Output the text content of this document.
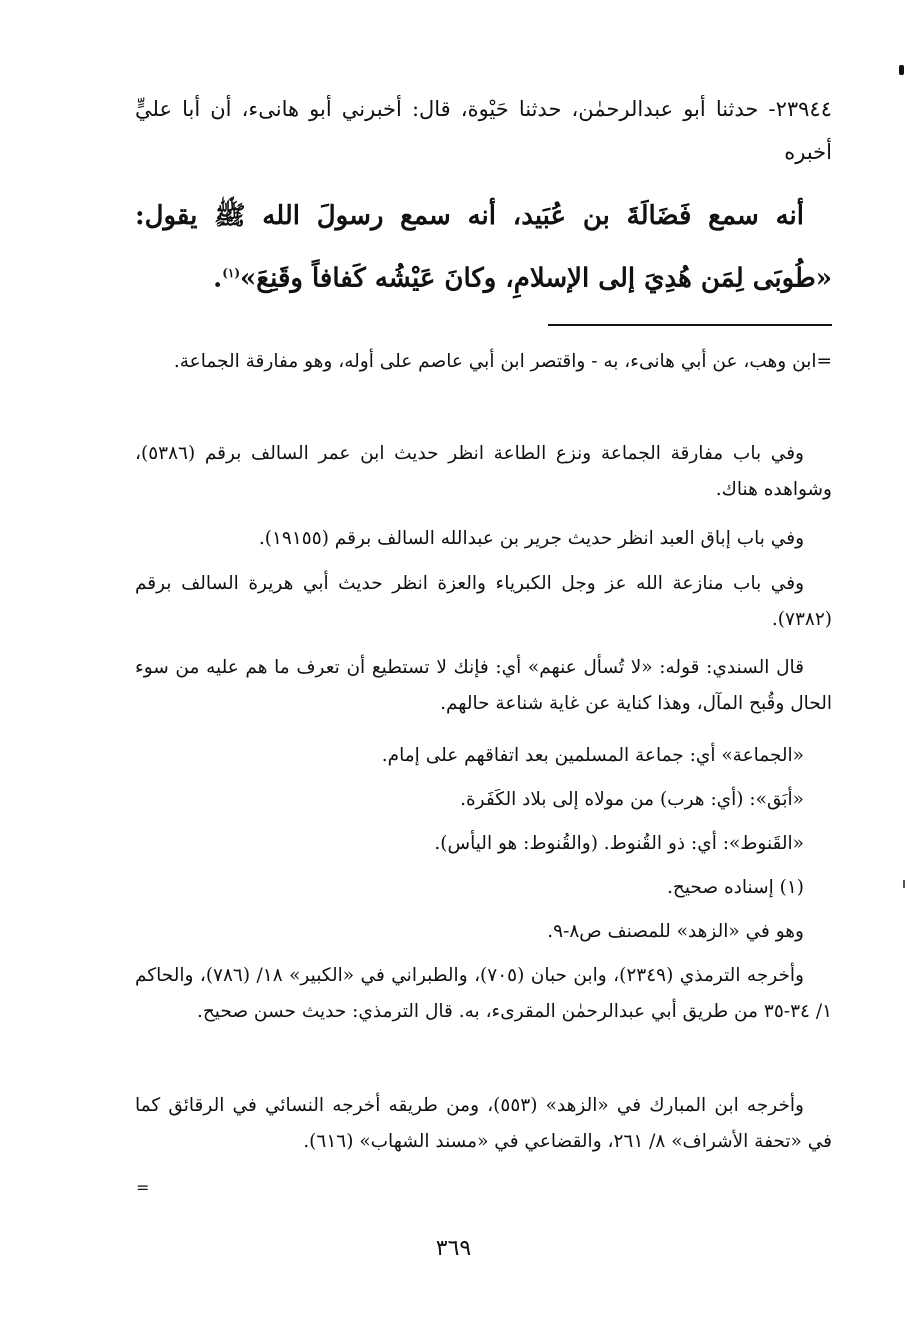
٢٣٩٤٤- حدثنا أبو عبدالرحمٰن، حدثنا حَيْوة، قال: أخبرني أبو هانىء، أن أبا عليٍّ أخبره

أنه سمع فَضَالَةَ بن عُبَيد، أنه سمع رسولَ الله ﷺ يقول: «طُوبَى لِمَن هُدِيَ إلى الإسلامِ، وكانَ عَيْشُه كَفافاً وقَنِعَ»$^{(١)}$.

=ابن وهب، عن أبي هانىء، به - واقتصر ابن أبي عاصم على أوله، وهو مفارقة الجماعة.

وفي باب مفارقة الجماعة ونزع الطاعة انظر حديث ابن عمر السالف برقم (٥٣٨٦)، وشواهده هناك.

وفي باب إباق العبد انظر حديث جرير بن عبدالله السالف برقم (١٩١٥٥).

وفي باب منازعة الله عز وجل الكبرياء والعزة انظر حديث أبي هريرة السالف برقم (٧٣٨٢).

قال السندي: قوله: «لا تُسأل عنهم» أي: فإنك لا تستطيع أن تعرف ما هم عليه من سوء الحال وقُبح المآل، وهذا كناية عن غاية شناعة حالهم.

«الجماعة» أي: جماعة المسلمين بعد اتفاقهم على إمام.

«أبَق»: (أي: هرب) من مولاه إلى بلاد الكَفَرة.

«القَنوط»: أي: ذو القُنوط. (والقُنوط: هو اليأس).

(١) إسناده صحيح.

وهو في «الزهد» للمصنف ص٨-٩.

وأخرجه الترمذي (٢٣٤٩)، وابن حبان (٧٠٥)، والطبراني في «الكبير» ١٨/ (٧٨٦)، والحاكم ١/ ٣٤-٣٥ من طريق أبي عبدالرحمٰن المقرىء، به. قال الترمذي: حديث حسن صحيح.

وأخرجه ابن المبارك في «الزهد» (٥٥٣)، ومن طريقه أخرجه النسائي في الرقائق كما في «تحفة الأشراف» ٨/ ٢٦١، والقضاعي في «مسند الشهاب» (٦١٦).

=
٣٦٩
